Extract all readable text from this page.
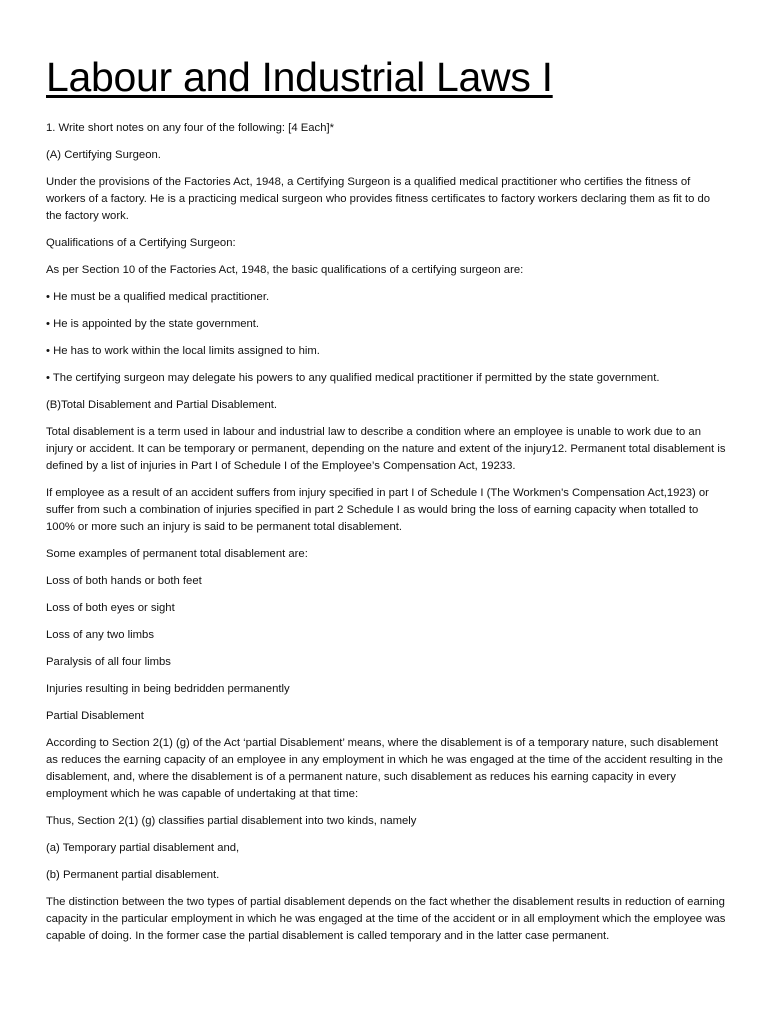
Labour and Industrial Laws I

1. Write short notes on any four of the following: [4 Each]*

(A) Certifying Surgeon.

Under the provisions of the Factories Act, 1948, a Certifying Surgeon is a qualified medical practitioner who certifies the fitness of workers of a factory. He is a practicing medical surgeon who provides fitness certificates to factory workers declaring them as fit to do the factory work.

Qualifications of a Certifying Surgeon:

As per Section 10 of the Factories Act, 1948, the basic qualifications of a certifying surgeon are:

• He must be a qualified medical practitioner.

• He is appointed by the state government.

• He has to work within the local limits assigned to him.

• The certifying surgeon may delegate his powers to any qualified medical practitioner if permitted by the state government.

(B)Total Disablement and Partial Disablement.

Total disablement is a term used in labour and industrial law to describe a condition where an employee is unable to work due to an injury or accident. It can be temporary or permanent, depending on the nature and extent of the injury12. Permanent total disablement is defined by a list of injuries in Part I of Schedule I of the Employee’s Compensation Act, 19233.

If employee as a result of an accident suffers from injury specified in part I of Schedule I (The Workmen's Compensation Act,1923) or suffer from such a combination of injuries specified in part 2 Schedule I as would bring the loss of earning capacity when totalled to 100% or more such an injury is said to be permanent total disablement.

Some examples of permanent total disablement are:

Loss of both hands or both feet

Loss of both eyes or sight

Loss of any two limbs

Paralysis of all four limbs

Injuries resulting in being bedridden permanently

Partial Disablement

According to Section 2(1) (g) of the Act ‘partial Disablement’ means, where the disablement is of a temporary nature, such disablement as reduces the earning capacity of an employee in any employment in which he was engaged at the time of the accident resulting in the disablement, and, where the disablement is of a permanent nature, such disablement as reduces his earning capacity in every employment which he was capable of undertaking at that time:

Thus, Section 2(1) (g) classifies partial disablement into two kinds, namely

(a) Temporary partial disablement and,

(b) Permanent partial disablement.

The distinction between the two types of partial disablement depends on the fact whether the disablement results in reduction of earning capacity in the particular employment in which he was engaged at the time of the accident or in all employment which the employee was capable of doing. In the former case the partial disablement is called temporary and in the latter case permanent.
